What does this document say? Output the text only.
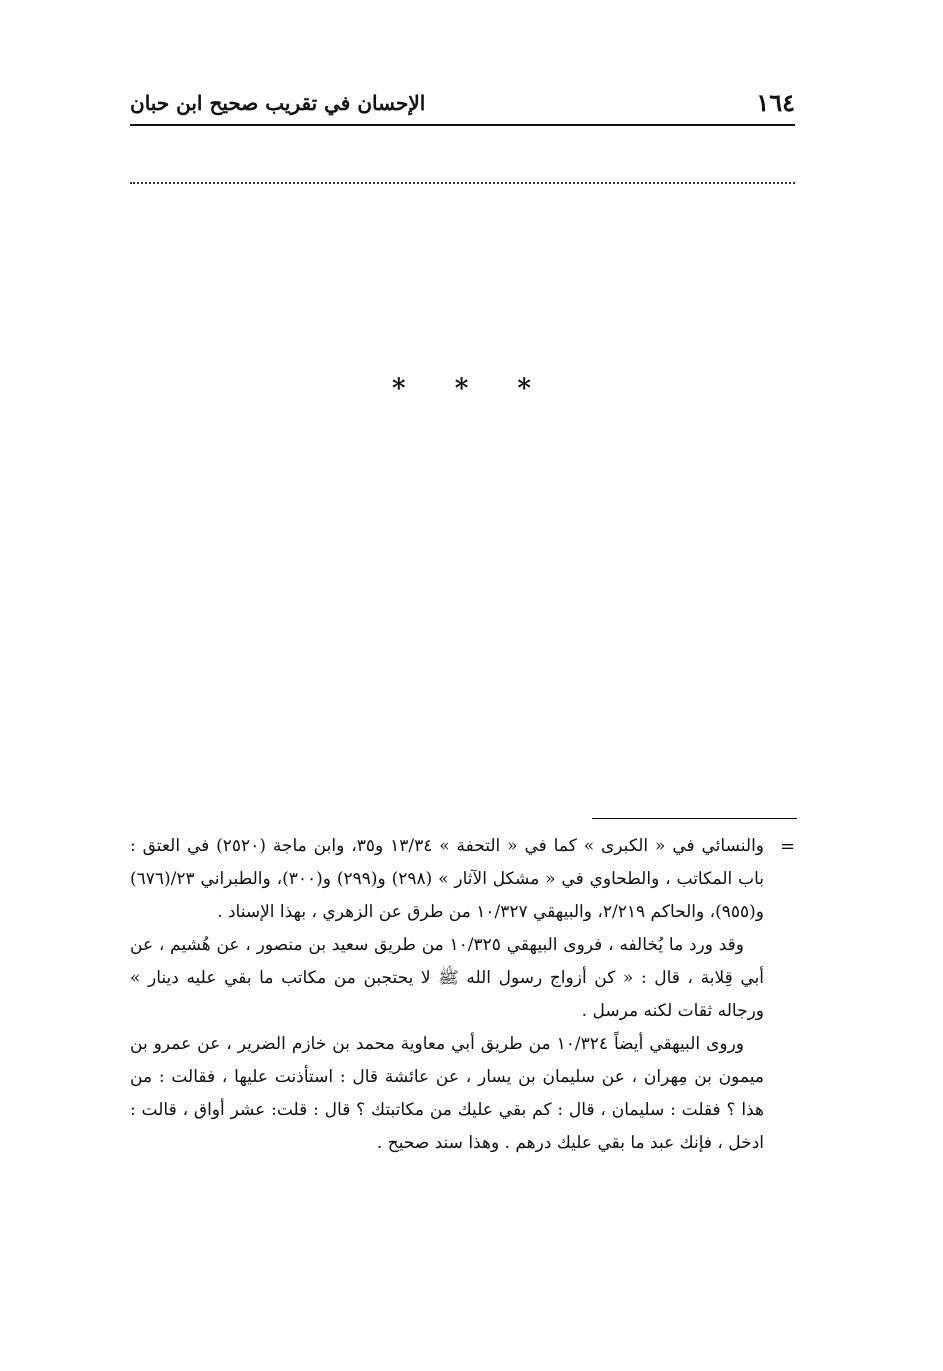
١٦٤
الإحسان في تقريب صحيح ابن حبان
* * *
=

والنسائي في « الكبرى » كما في « التحفة » ١٣/٣٤ و٣٥، وابن ماجة (٢٥٢٠) في العتق : باب المكاتب ، والطحاوي في « مشكل الآثار » (٢٩٨) و(٢٩٩) و(٣٠٠)، والطبراني ٢٣/(٦٧٦) و(٩٥٥)، والحاكم ٢/٢١٩، والبيهقي ١٠/٣٢٧ من طرق عن الزهري ، بهذا الإسناد .

وقد ورد ما يُخالفه ، فروى البيهقي ١٠/٣٢٥ من طريق سعيد بن منصور ، عن هُشيم ، عن أبي قِلابة ، قال : « كن أزواج رسول الله ﷺ لا يحتجبن من مكاتب ما بقي عليه دينار » ورجاله ثقات لكنه مرسل .

وروى البيهقي أيضاً ١٠/٣٢٤ من طريق أبي معاوية محمد بن خازم الضرير ، عن عمرو بن ميمون بن مِهران ، عن سليمان بن يسار ، عن عائشة قال : استأذنت عليها ، فقالت : من هذا ؟ فقلت : سليمان ، قال : كم بقي عليك من مكاتبتك ؟ قال : قلت: عشر أواق ، قالت : ادخل ، فإنك عبد ما بقي عليك درهم . وهذا سند صحيح .
